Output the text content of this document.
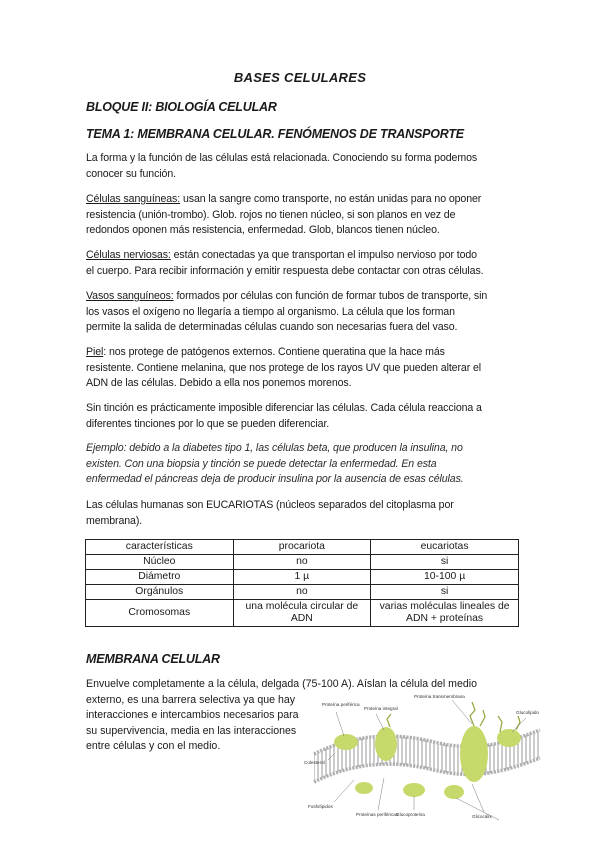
BASES CELULARES
BLOQUE II: BIOLOGÍA CELULAR
TEMA 1: MEMBRANA CELULAR. FENÓMENOS DE TRANSPORTE
La forma y la función de las células está relacionada. Conociendo su forma podemos
conocer su función.
Células sanguíneas: usan la sangre como transporte, no están unidas para no oponer
resistencia (unión-trombo). Glob. rojos no tienen núcleo, si son planos en vez de
redondos oponen más resistencia, enfermedad. Glob, blancos tienen núcleo.
Células nerviosas: están conectadas ya que transportan el impulso nervioso por todo
el cuerpo. Para recibir información y emitir respuesta debe contactar con otras células.
Vasos sanguíneos: formados por células con función de formar tubos de transporte, sin
los vasos el oxígeno no llegaría a tiempo al organismo. La célula que los forman
permite la salida de determinadas células cuando son necesarias fuera del vaso.
Piel: nos protege de patógenos externos. Contiene queratina que la hace más
resistente. Contiene melanina, que nos protege de los rayos UV que pueden alterar el
ADN de las células. Debido a ella nos ponemos morenos.
Sin tinción es prácticamente imposible diferenciar las células. Cada célula reacciona a
diferentes tinciones por lo que se pueden diferenciar.
Ejemplo: debido a la diabetes tipo 1, las células beta, que producen la insulina, no
existen. Con una biopsia y tinción se puede detectar la enfermedad. En esta
enfermedad el páncreas deja de producir insulina por la ausencia de esas células.
Las células humanas son EUCARIOTAS (núcleos separados del citoplasma por
membrana).
características	procariota	eucariotas
Núcleo	no	si
Diámetro	1 µ	10-100 µ
Orgánulos	no	si
Cromosomas	una molécula circular de ADN	varias moléculas lineales de ADN + proteínas
MEMBRANA CELULAR
Envuelve completamente a la célula, delgada (75-100 A). Aíslan la célula del medio
externo, es una barrera selectiva ya que hay
interacciones e intercambios necesarios para
su supervivencia, media en las interacciones
entre células y con el medio.
Proteína periférica
Proteína integral
Proteína transmembrana
Glucolípido
Colesterol
Fosfolípidos
Proteínas periféricas
Glucoproteína	Glicocálix
